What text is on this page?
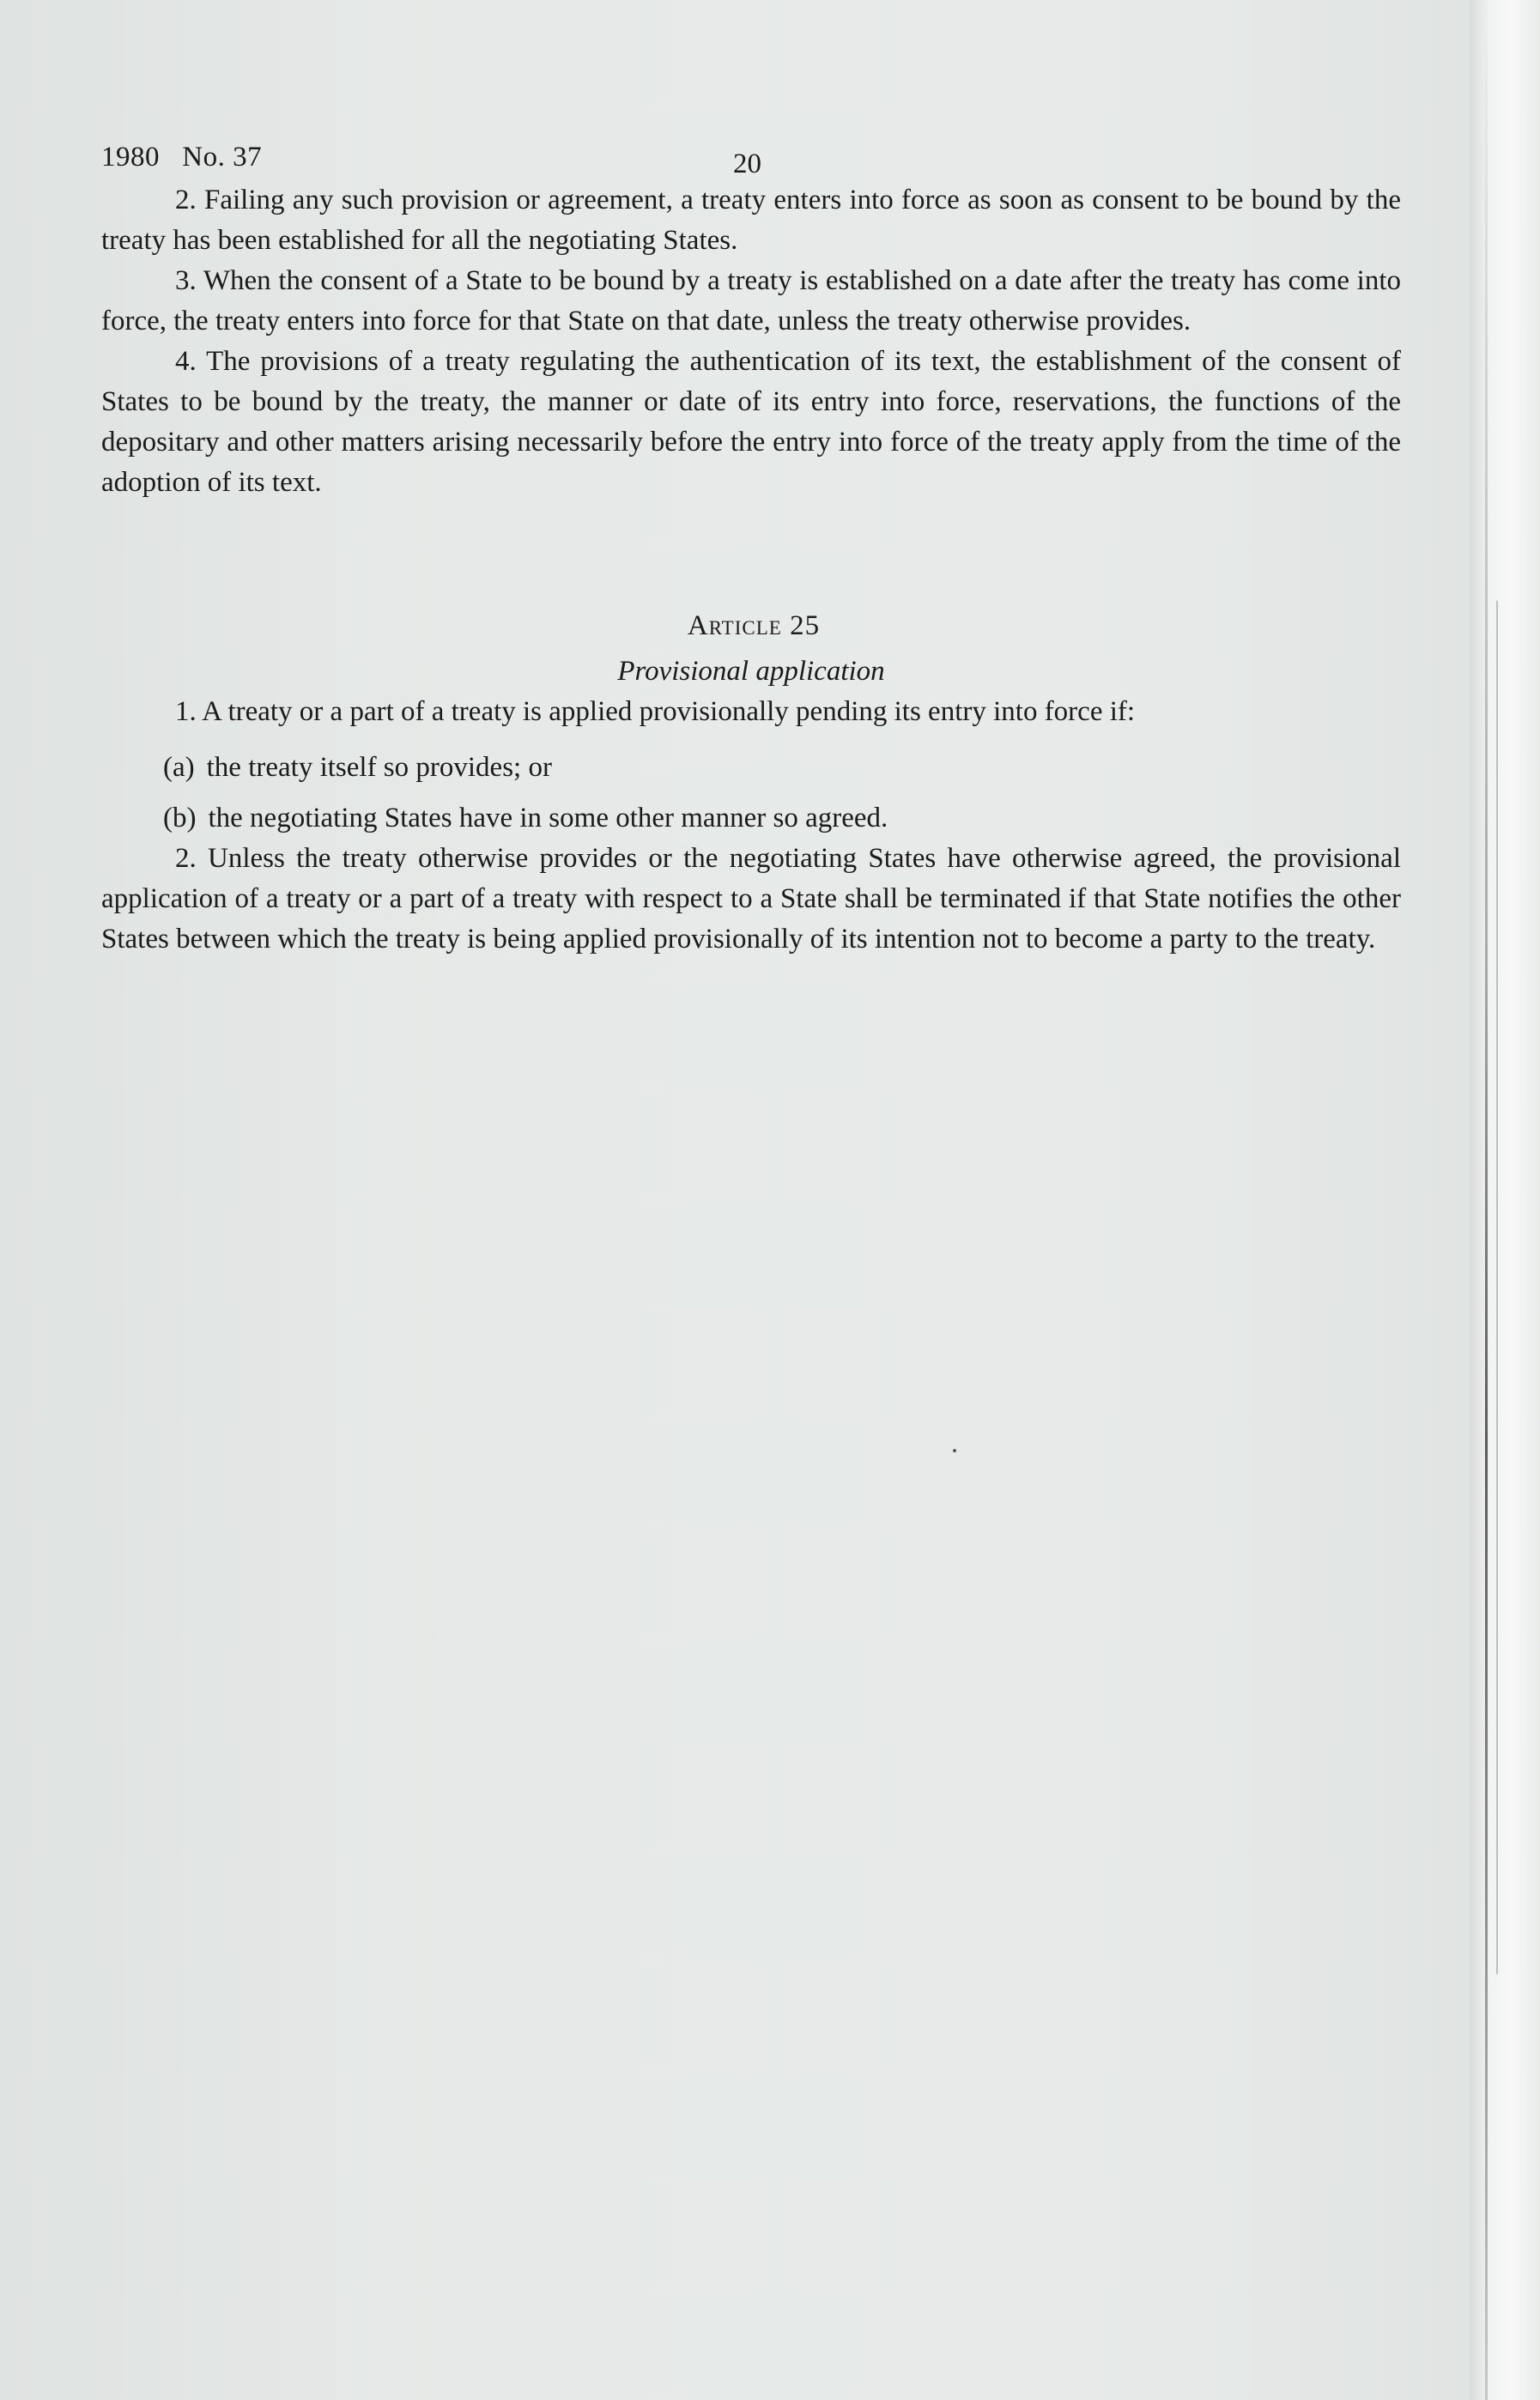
1980   No. 37	20

2. Failing any such provision or agreement, a treaty enters into force as soon as consent to be bound by the treaty has been established for all the negotiating States.

3. When the consent of a State to be bound by a treaty is established on a date after the treaty has come into force, the treaty enters into force for that State on that date, unless the treaty otherwise provides.

4. The provisions of a treaty regulating the authentication of its text, the establishment of the consent of States to be bound by the treaty, the manner or date of its entry into force, reservations, the functions of the depositary and other matters arising necessarily before the entry into force of the treaty apply from the time of the adoption of its text.

Article 25
Provisional application

1. A treaty or a part of a treaty is applied provisionally pending its entry into force if:

(a) the treaty itself so provides; or
(b) the negotiating States have in some other manner so agreed.

2. Unless the treaty otherwise provides or the negotiating States have otherwise agreed, the provisional application of a treaty or a part of a treaty with respect to a State shall be terminated if that State notifies the other States between which the treaty is being applied provisionally of its intention not to become a party to the treaty.
